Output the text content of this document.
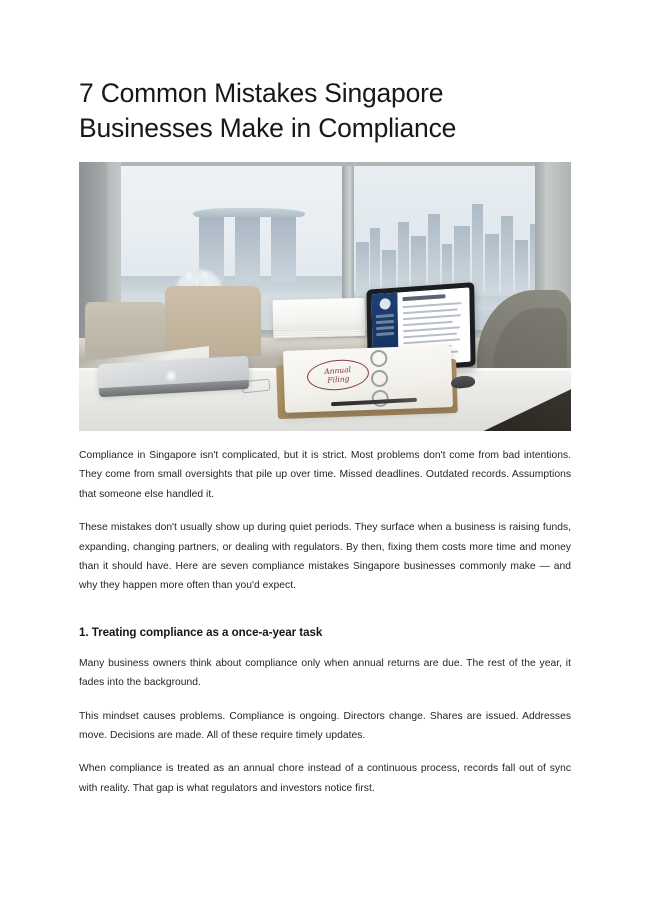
7 Common Mistakes Singapore Businesses Make in Compliance
Annual
Filing

Compliance in Singapore isn't complicated, but it is strict. Most problems don't come from bad intentions. They come from small oversights that pile up over time. Missed deadlines. Outdated records. Assumptions that someone else handled it.

These mistakes don't usually show up during quiet periods. They surface when a business is raising funds, expanding, changing partners, or dealing with regulators. By then, fixing them costs more time and money than it should have. Here are seven compliance mistakes Singapore businesses commonly make — and why they happen more often than you'd expect.

1. Treating compliance as a once-a-year task

Many business owners think about compliance only when annual returns are due. The rest of the year, it fades into the background.

This mindset causes problems. Compliance is ongoing. Directors change. Shares are issued. Addresses move. Decisions are made. All of these require timely updates.

When compliance is treated as an annual chore instead of a continuous process, records fall out of sync with reality. That gap is what regulators and investors notice first.
